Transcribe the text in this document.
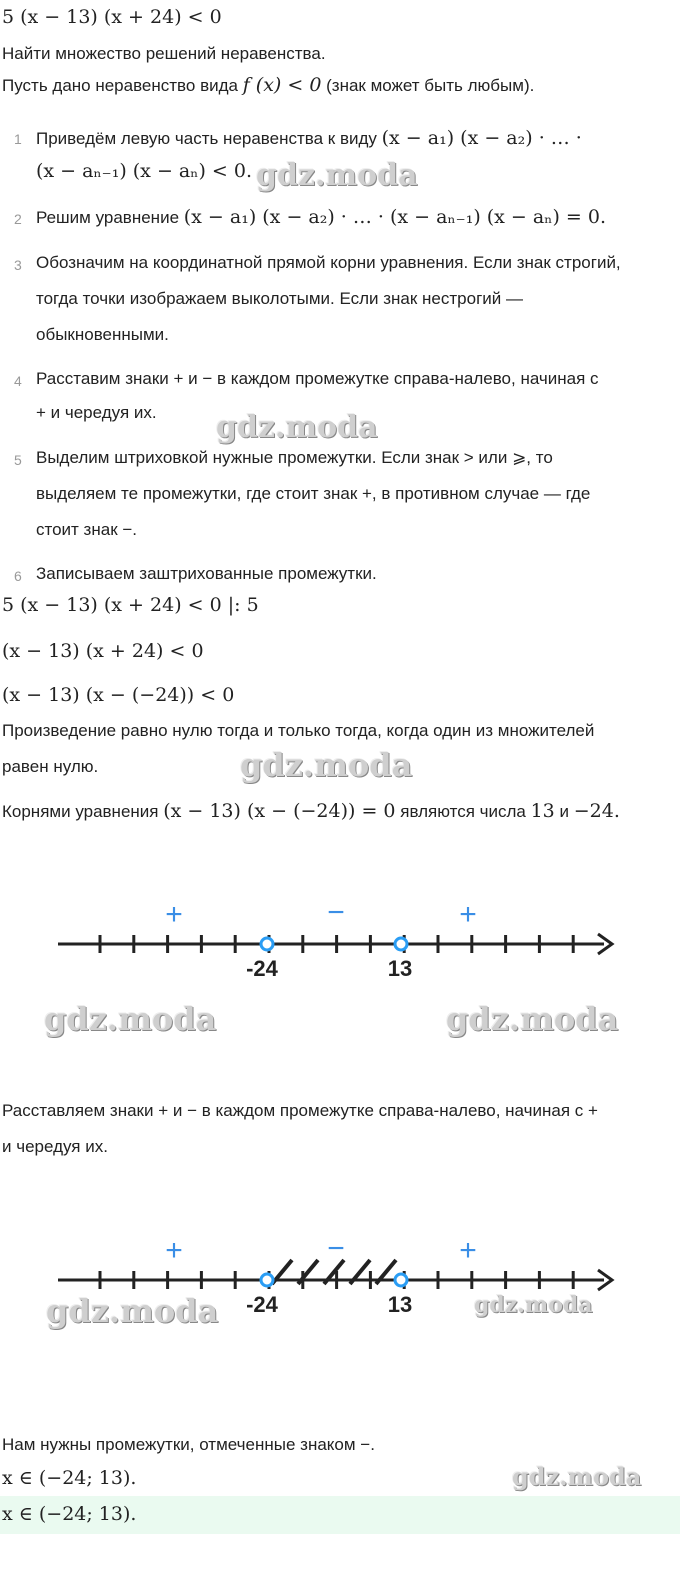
5 (x − 13) (x + 24) < 0
Найти множество решений неравенства.
Пусть дано неравенство вида f (x) < 0 (знак может быть любым).
1 Приведём левую часть неравенства к виду (x − a₁) (x − a₂) · … ·
(x − aₙ₋₁) (x − aₙ) < 0.
2 Решим уравнение (x − a₁) (x − a₂) · … · (x − aₙ₋₁) (x − aₙ) = 0.
3 Обозначим на координатной прямой корни уравнения. Если знак строгий,
тогда точки изображаем выколотыми. Если знак нестрогий —
обыкновенными.
4 Расставим знаки + и − в каждом промежутке справа-налево, начиная с
+ и чередуя их.
5 Выделим штриховкой нужные промежутки. Если знак > или ⩾, то
выделяем те промежутки, где стоит знак +, в противном случае — где
стоит знак −.
6 Записываем заштрихованные промежутки.
5 (x − 13) (x + 24) < 0 |: 5
(x − 13) (x + 24) < 0
(x − 13) (x − (−24)) < 0
Произведение равно нулю тогда и только тогда, когда один из множителей
равен нулю.
Корнями уравнения (x − 13) (x − (−24)) = 0 являются числа 13 и −24.
+	−	+
-24	13
Расставляем знаки + и − в каждом промежутке справа-налево, начиная с +
и чередуя их.
+	−	+
-24	13
Нам нужны промежутки, отмеченные знаком −.
x ∈ (−24; 13).
x ∈ (−24; 13).
gdz.moda
gdz.moda
gdz.moda
gdz.moda	gdz.moda
gdz.moda	gdz.moda
gdz.moda
